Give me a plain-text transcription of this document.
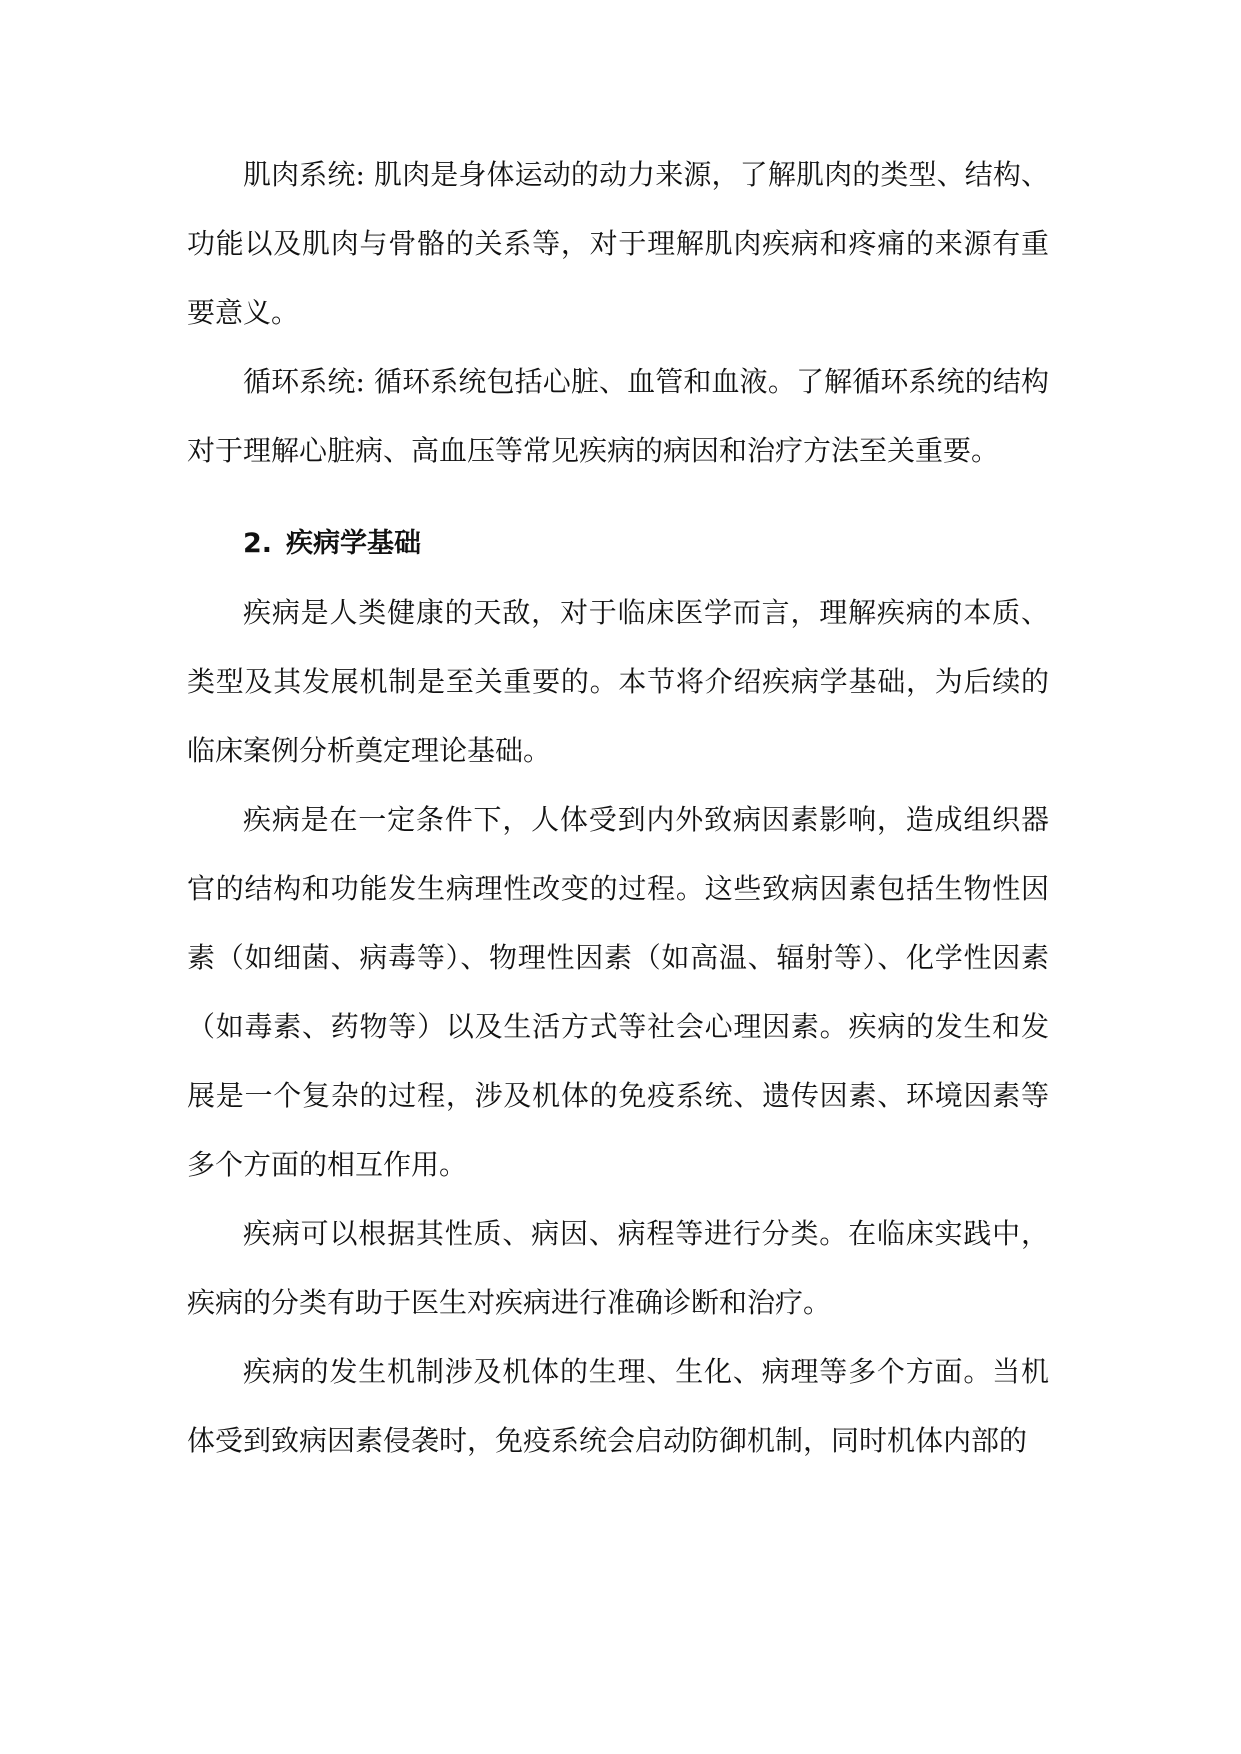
肌肉系统: 肌肉是身体运动的动力来源，了解肌肉的类型、结构、功能以及肌肉与骨骼的关系等，对于理解肌肉疾病和疼痛的来源有重要意义。

循环系统: 循环系统包括心脏、血管和血液。了解循环系统的结构对于理解心脏病、高血压等常见疾病的病因和治疗方法至关重要。

2. 疾病学基础

疾病是人类健康的天敌，对于临床医学而言，理解疾病的本质、类型及其发展机制是至关重要的。本节将介绍疾病学基础，为后续的临床案例分析奠定理论基础。

疾病是在一定条件下，人体受到内外致病因素影响，造成组织器官的结构和功能发生病理性改变的过程。这些致病因素包括生物性因素（如细菌、病毒等）、物理性因素（如高温、辐射等）、化学性因素（如毒素、药物等）以及生活方式等社会心理因素。疾病的发生和发展是一个复杂的过程，涉及机体的免疫系统、遗传因素、环境因素等多个方面的相互作用。

疾病可以根据其性质、病因、病程等进行分类。在临床实践中，疾病的分类有助于医生对疾病进行准确诊断和治疗。

疾病的发生机制涉及机体的生理、生化、病理等多个方面。当机体受到致病因素侵袭时，免疫系统会启动防御机制，同时机体内部的
